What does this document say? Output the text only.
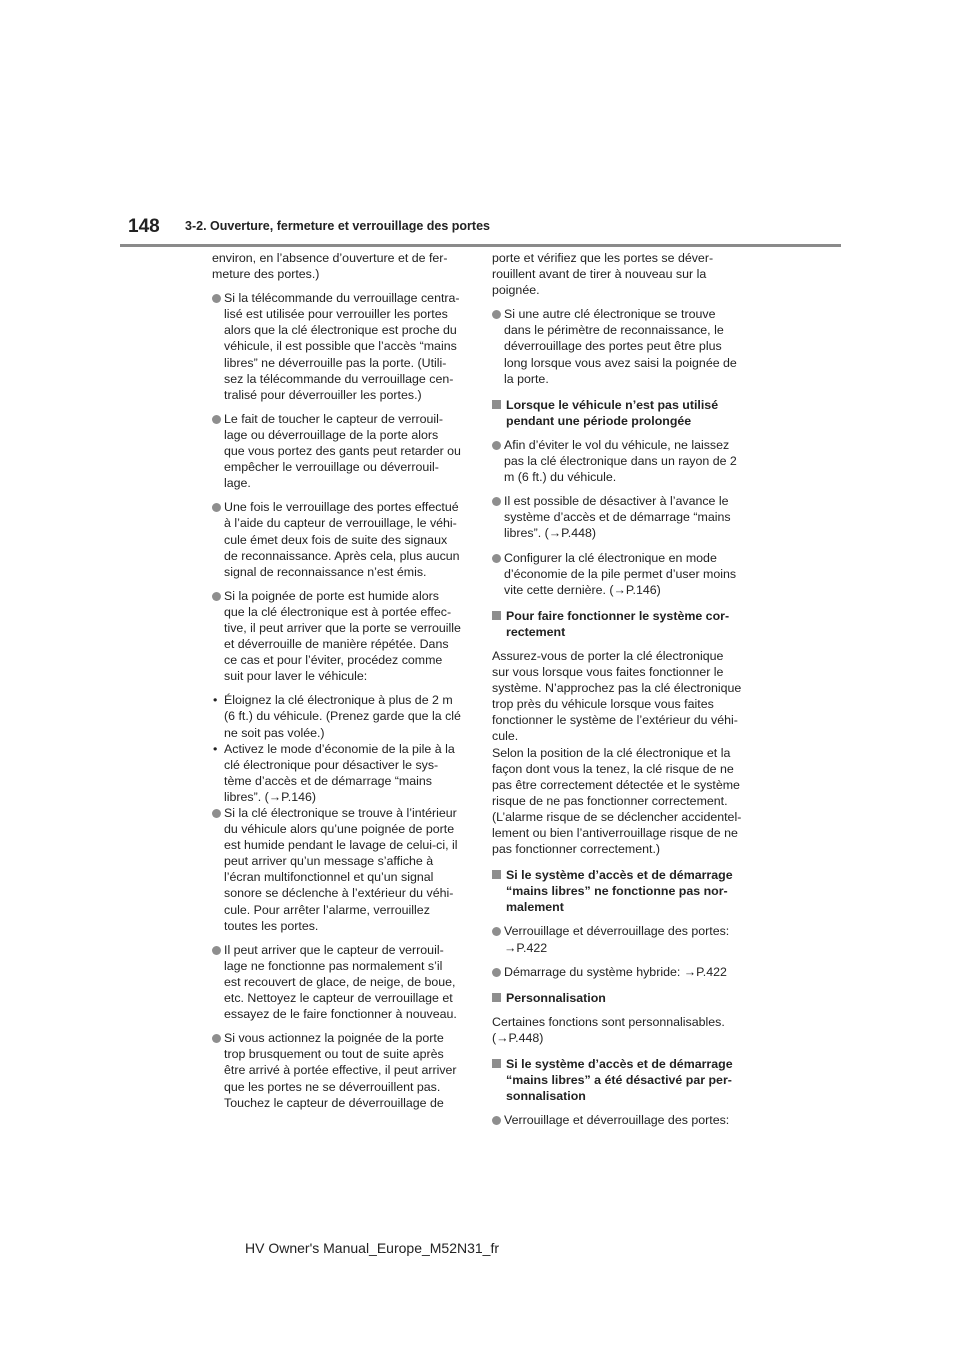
148 3-2. Ouverture, fermeture et verrouillage des portes
environ, en l’absence d’ouverture et de fer-
meture des portes.)
Si la télécommande du verrouillage centra-
lisé est utilisée pour verrouiller les portes
alors que la clé électronique est proche du
véhicule, il est possible que l’accès “mains
libres” ne déverrouille pas la porte. (Utili-
sez la télécommande du verrouillage cen-
tralisé pour déverrouiller les portes.)
Le fait de toucher le capteur de verrouil-
lage ou déverrouillage de la porte alors
que vous portez des gants peut retarder ou
empêcher le verrouillage ou déverrouil-
lage.
Une fois le verrouillage des portes effectué
à l’aide du capteur de verrouillage, le véhi-
cule émet deux fois de suite des signaux
de reconnaissance. Après cela, plus aucun
signal de reconnaissance n’est émis.
Si la poignée de porte est humide alors
que la clé électronique est à portée effec-
tive, il peut arriver que la porte se verrouille
et déverrouille de manière répétée. Dans
ce cas et pour l’éviter, procédez comme
suit pour laver le véhicule:
• Éloignez la clé électronique à plus de 2 m
(6 ft.) du véhicule. (Prenez garde que la clé
ne soit pas volée.)
• Activez le mode d’économie de la pile à la
clé électronique pour désactiver le sys-
tème d’accès et de démarrage “mains
libres”. (→P.146)
Si la clé électronique se trouve à l’intérieur
du véhicule alors qu’une poignée de porte
est humide pendant le lavage de celui-ci, il
peut arriver qu’un message s’affiche à
l’écran multifonctionnel et qu’un signal
sonore se déclenche à l’extérieur du véhi-
cule. Pour arrêter l’alarme, verrouillez
toutes les portes.
Il peut arriver que le capteur de verrouil-
lage ne fonctionne pas normalement s’il
est recouvert de glace, de neige, de boue,
etc. Nettoyez le capteur de verrouillage et
essayez de le faire fonctionner à nouveau.
Si vous actionnez la poignée de la porte
trop brusquement ou tout de suite après
être arrivé à portée effective, il peut arriver
que les portes ne se déverrouillent pas.
Touchez le capteur de déverrouillage de
porte et vérifiez que les portes se déver-
rouillent avant de tirer à nouveau sur la
poignée.
Si une autre clé électronique se trouve
dans le périmètre de reconnaissance, le
déverrouillage des portes peut être plus
long lorsque vous avez saisi la poignée de
la porte.
Lorsque le véhicule n’est pas utilisé
pendant une période prolongée
Afin d’éviter le vol du véhicule, ne laissez
pas la clé électronique dans un rayon de 2
m (6 ft.) du véhicule.
Il est possible de désactiver à l’avance le
système d’accès et de démarrage “mains
libres”. (→P.448)
Configurer la clé électronique en mode
d’économie de la pile permet d’user moins
vite cette dernière. (→P.146)
Pour faire fonctionner le système cor-
rectement
Assurez-vous de porter la clé électronique
sur vous lorsque vous faites fonctionner le
système. N’approchez pas la clé électronique
trop près du véhicule lorsque vous faites
fonctionner le système de l’extérieur du véhi-
cule.
Selon la position de la clé électronique et la
façon dont vous la tenez, la clé risque de ne
pas être correctement détectée et le système
risque de ne pas fonctionner correctement.
(L’alarme risque de se déclencher accidentel-
lement ou bien l’antiverrouillage risque de ne
pas fonctionner correctement.)
Si le système d’accès et de démarrage
“mains libres” ne fonctionne pas nor-
malement
Verrouillage et déverrouillage des portes:
→P.422
Démarrage du système hybride: →P.422
Personnalisation
Certaines fonctions sont personnalisables.
(→P.448)
Si le système d’accès et de démarrage
“mains libres” a été désactivé par per-
sonnalisation
Verrouillage et déverrouillage des portes:
HV Owner's Manual_Europe_M52N31_fr
